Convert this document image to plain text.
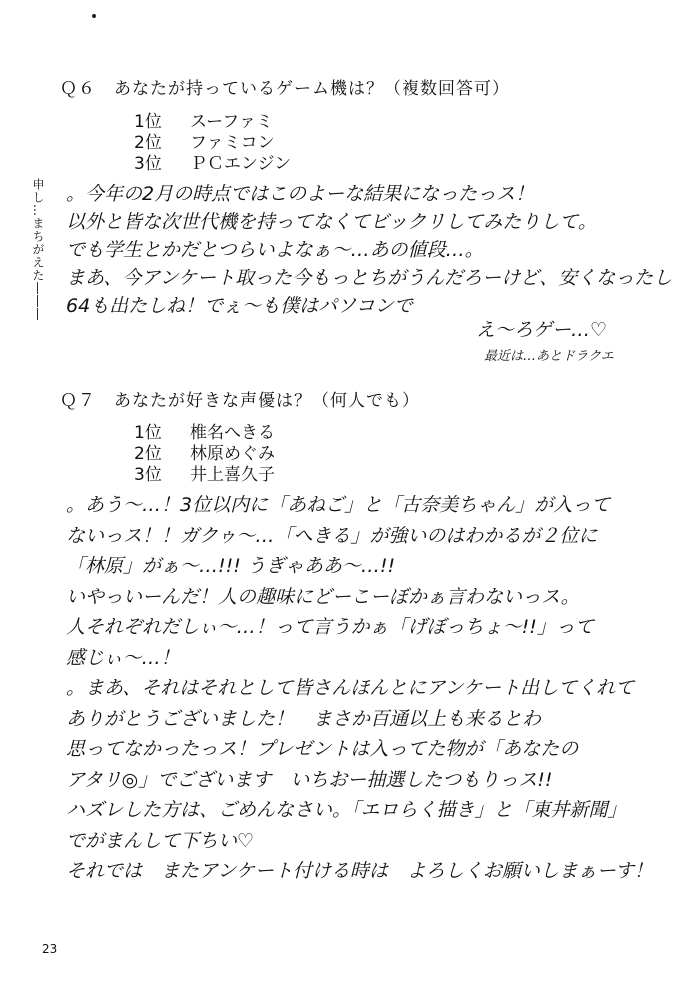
Ｑ６　あなたが持っているゲーム機は？（複数回答可）
1位 スーファミ
2位 ファミコン
3位 ＰＣエンジン
申し…まちがえた――― 。今年の2月の時点ではこのよーな結果になったっス！
以外と皆な次世代機を持ってなくてビックリしてみたりして。
でも学生とかだとつらいよなぁ～…あの値段…。
まあ、今アンケート取った今もっとちがうんだろーけど、安くなったし
64も出たしね！でぇ～も僕はパソコンで
え～ろゲー…♡
最近は…あとドラクエ
Ｑ７　あなたが好きな声優は？（何人でも）
1位 椎名へきる
2位 林原めぐみ
3位 井上喜久子
。あう～…！3位以内に「あねご」と「古奈美ちゃん」が入って
ないっス！！ガクゥ～…「へきる」が強いのはわかるが２位に
「林原」がぁ～…!!! うぎゃああ～…!!
いやっいーんだ！人の趣味にどーこーぼかぁ言わないっス。
人それぞれだしぃ～…！って言うかぁ「げぼっちょ～!!」って
感じぃ～…！
。まあ、それはそれとして皆さんほんとにアンケート出してくれて
ありがとうございました！　まさか百通以上も来るとわ
思ってなかったっス！プレゼントは入ってた物が「あなたの
アタリ◎」でございます　いちおー抽選したつもりっス!!
ハズレした方は、ごめんなさい。「エロらく描き」と「東丼新聞」
でがまんして下ちい♡
それでは　またアンケート付ける時は　よろしくお願いしまぁーす！
23
